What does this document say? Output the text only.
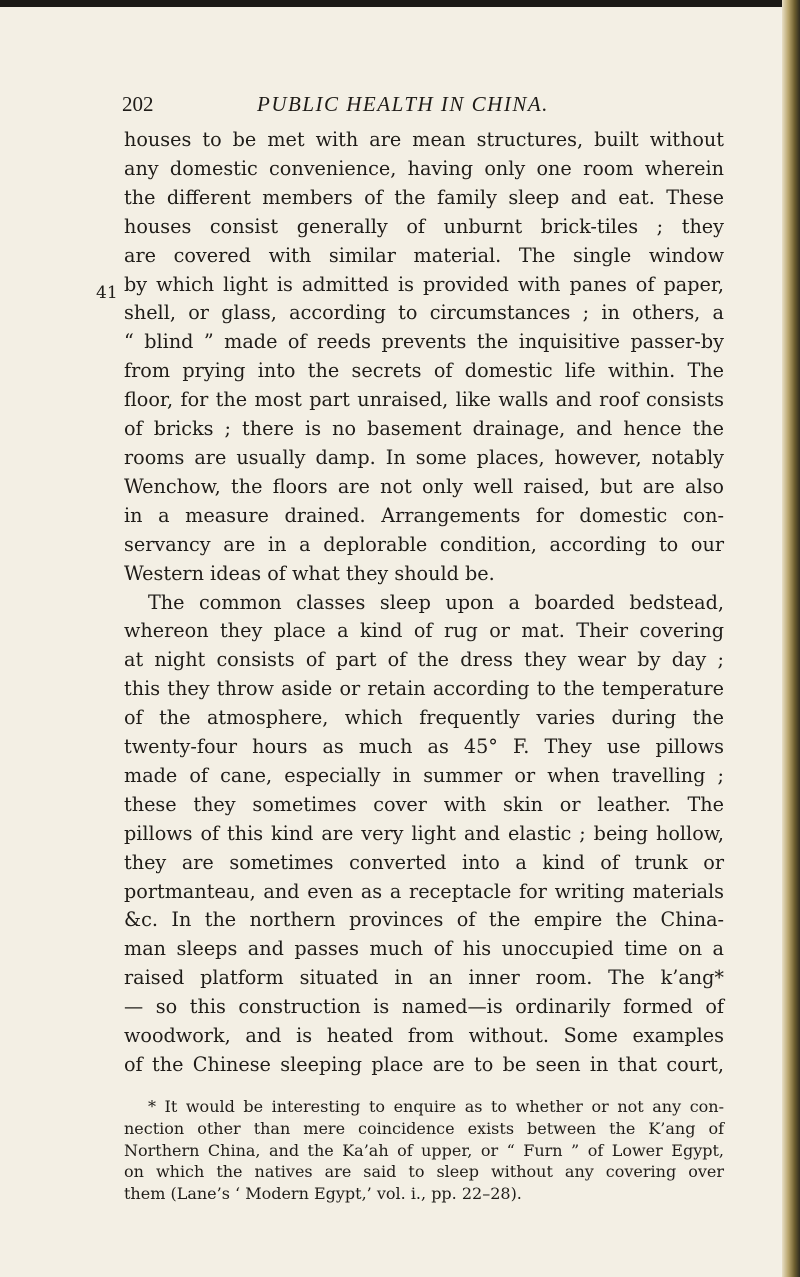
202	PUBLIC HEALTH IN CHINA.
41
houses to be met with are mean structures, built without
any domestic convenience, having only one room wherein
the different members of the family sleep and eat. These
houses consist generally of unburnt brick-tiles ; they
are covered with similar material. The single window
by which light is admitted is provided with panes of paper,
shell, or glass, according to circumstances ; in others, a
“ blind ” made of reeds prevents the inquisitive passer-by
from prying into the secrets of domestic life within. The
floor, for the most part unraised, like walls and roof consists
of bricks ; there is no basement drainage, and hence the
rooms are usually damp. In some places, however, notably
Wenchow, the floors are not only well raised, but are also
in a measure drained. Arrangements for domestic con-
servancy are in a deplorable condition, according to our
Western ideas of what they should be.
The common classes sleep upon a boarded bedstead,
whereon they place a kind of rug or mat. Their covering
at night consists of part of the dress they wear by day ;
this they throw aside or retain according to the temperature
of the atmosphere, which frequently varies during the
twenty-four hours as much as 45° F. They use pillows
made of cane, especially in summer or when travelling ;
these they sometimes cover with skin or leather. The
pillows of this kind are very light and elastic ; being hollow,
they are sometimes converted into a kind of trunk or
portmanteau, and even as a receptacle for writing materials
&c. In the northern provinces of the empire the China-
man sleeps and passes much of his unoccupied time on a
raised platform situated in an inner room. The k’ang*
— so this construction is named—is ordinarily formed of
woodwork, and is heated from without. Some examples
of the Chinese sleeping place are to be seen in that court,
* It would be interesting to enquire as to whether or not any con-
nection other than mere coincidence exists between the K’ang of
Northern China, and the Ka’ah of upper, or “ Furn ” of Lower Egypt,
on which the natives are said to sleep without any covering over
them (Lane’s ‘ Modern Egypt,’ vol. i., pp. 22–28).
